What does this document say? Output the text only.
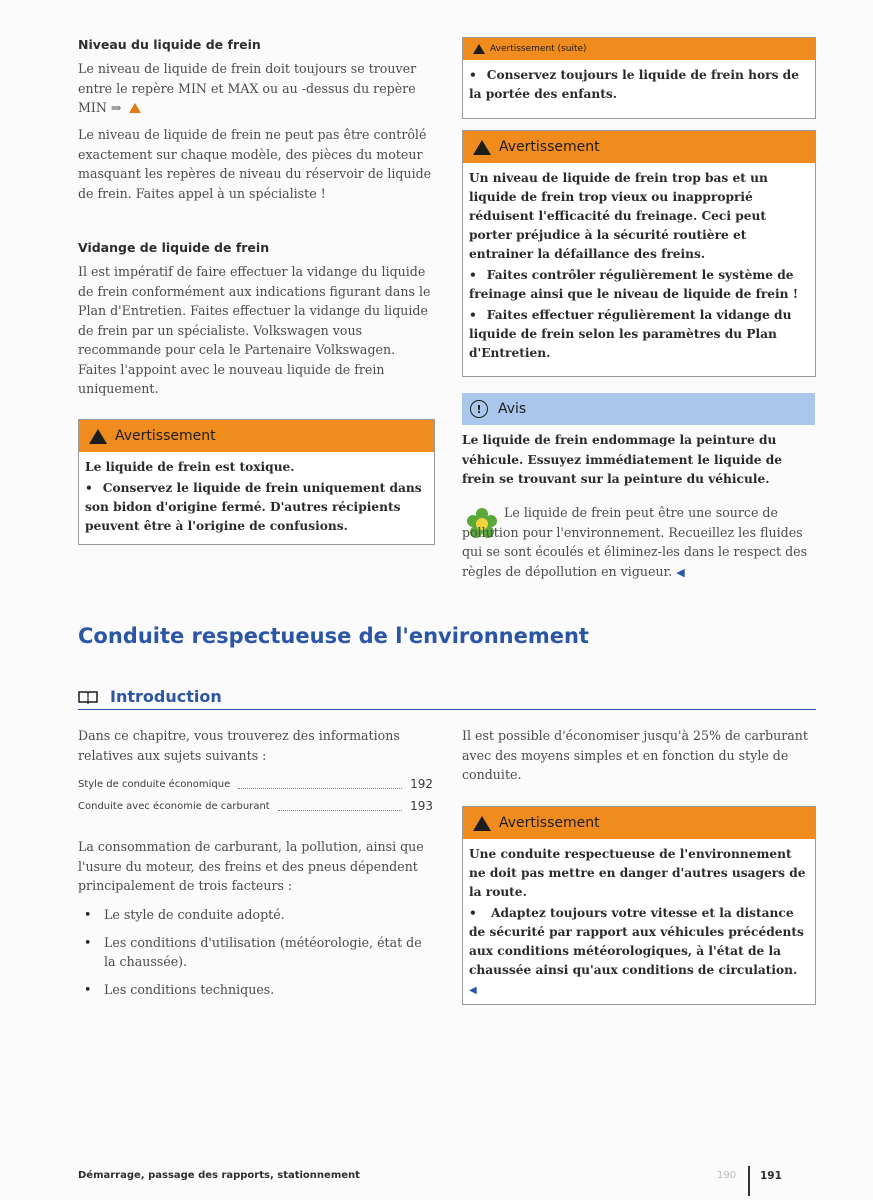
Niveau du liquide de frein

Le niveau de liquide de frein doit toujours se trouver entre le repère MIN et MAX ou au -dessus du repère MIN ⇒

Le niveau de liquide de frein ne peut pas être contrôlé exactement sur chaque modèle, des pièces du moteur masquant les repères de niveau du réservoir de liquide de frein. Faites appel à un spécialiste !

Vidange de liquide de frein

Il est impératif de faire effectuer la vidange du liquide de frein conformément aux indications figurant dans le Plan d'Entretien. Faites effectuer la vidange du liquide de frein par un spécialiste. Volkswagen vous recommande pour cela le Partenaire Volkswagen. Faites l'appoint avec le nouveau liquide de frein uniquement.

Avertissement

Le liquide de frein est toxique.

• Conservez le liquide de frein uniquement dans son bidon d'origine fermé. D'autres récipients peuvent être à l'origine de confusions.

Avertissement (suite)

• Conservez toujours le liquide de frein hors de la portée des enfants.

Avertissement

Un niveau de liquide de frein trop bas et un liquide de frein trop vieux ou inapproprié réduisent l'efficacité du freinage. Ceci peut porter préjudice à la sécurité routière et entrainer la défaillance des freins.

• Faites contrôler régulièrement le système de freinage ainsi que le niveau de liquide de frein !

• Faites effectuer régulièrement la vidange du liquide de frein selon les paramètres du Plan d'Entretien.

!	Avis

Le liquide de frein endommage la peinture du véhicule. Essuyez immédiatement le liquide de frein se trouvant sur la peinture du véhicule.

Le liquide de frein peut être une source de pollution pour l'environnement. Recueillez les fluides qui se sont écoulés et éliminez-les dans le respect des règles de dépollution en vigueur. ◀

Conduite respectueuse de l'environnement
Introduction

Dans ce chapitre, vous trouverez des informations relatives aux sujets suivants :

Style de conduite économique	192
Conduite avec économie de carburant	193

La consommation de carburant, la pollution, ainsi que l'usure du moteur, des freins et des pneus dépendent principalement de trois facteurs :

• Le style de conduite adopté.

• Les conditions d'utilisation (météorologie, état de la chaussée).

• Les conditions techniques.

Il est possible d'économiser jusqu'à 25% de carburant avec des moyens simples et en fonction du style de conduite.

Avertissement

Une conduite respectueuse de l'environnement ne doit pas mettre en danger d'autres usagers de la route.

• Adaptez toujours votre vitesse et la distance de sécurité par rapport aux véhicules précédents aux conditions météorologiques, à l'état de la chaussée ainsi qu'aux conditions de circulation. ◀

Démarrage, passage des rapports, stationnement	190 191
